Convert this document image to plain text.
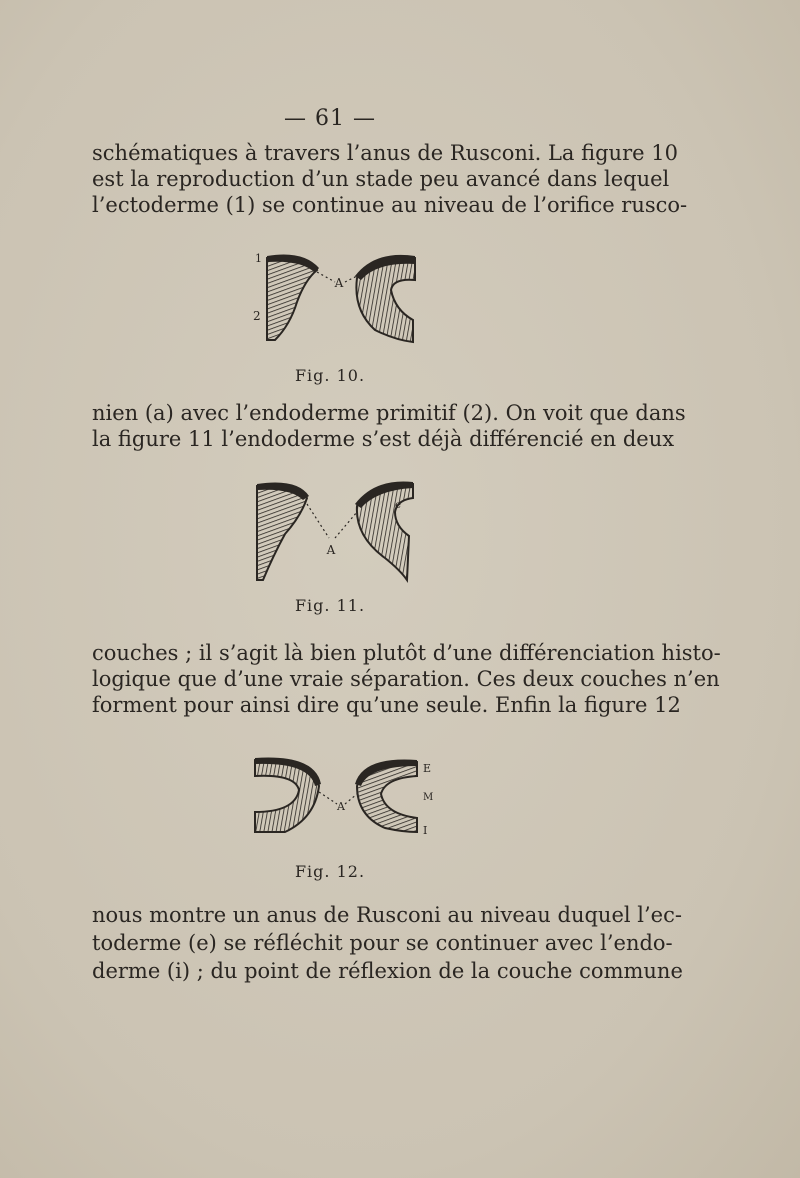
— 61 —
schématiques à travers l’anus de Rusconi. La figure 10
est la reproduction d’un stade peu avancé dans lequel
l’ectoderme (1) se continue au niveau de l’orifice rusco-
A
1
2
Fig. 10.
nien (a) avec l’endoderme primitif (2). On voit que dans
la figure 11 l’endoderme s’est déjà différencié en deux
A
e
Fig. 11.
couches ; il s’agit là bien plutôt d’une différenciation histo-
logique que d’une vraie séparation. Ces deux couches n’en
forment pour ainsi dire qu’une seule. Enfin la figure 12
A
E
M
I
Fig. 12.
nous montre un anus de Rusconi au niveau duquel l’ec-
toderme (e) se réfléchit pour se continuer avec l’endo-
derme (i) ; du point de réflexion de la couche commune
